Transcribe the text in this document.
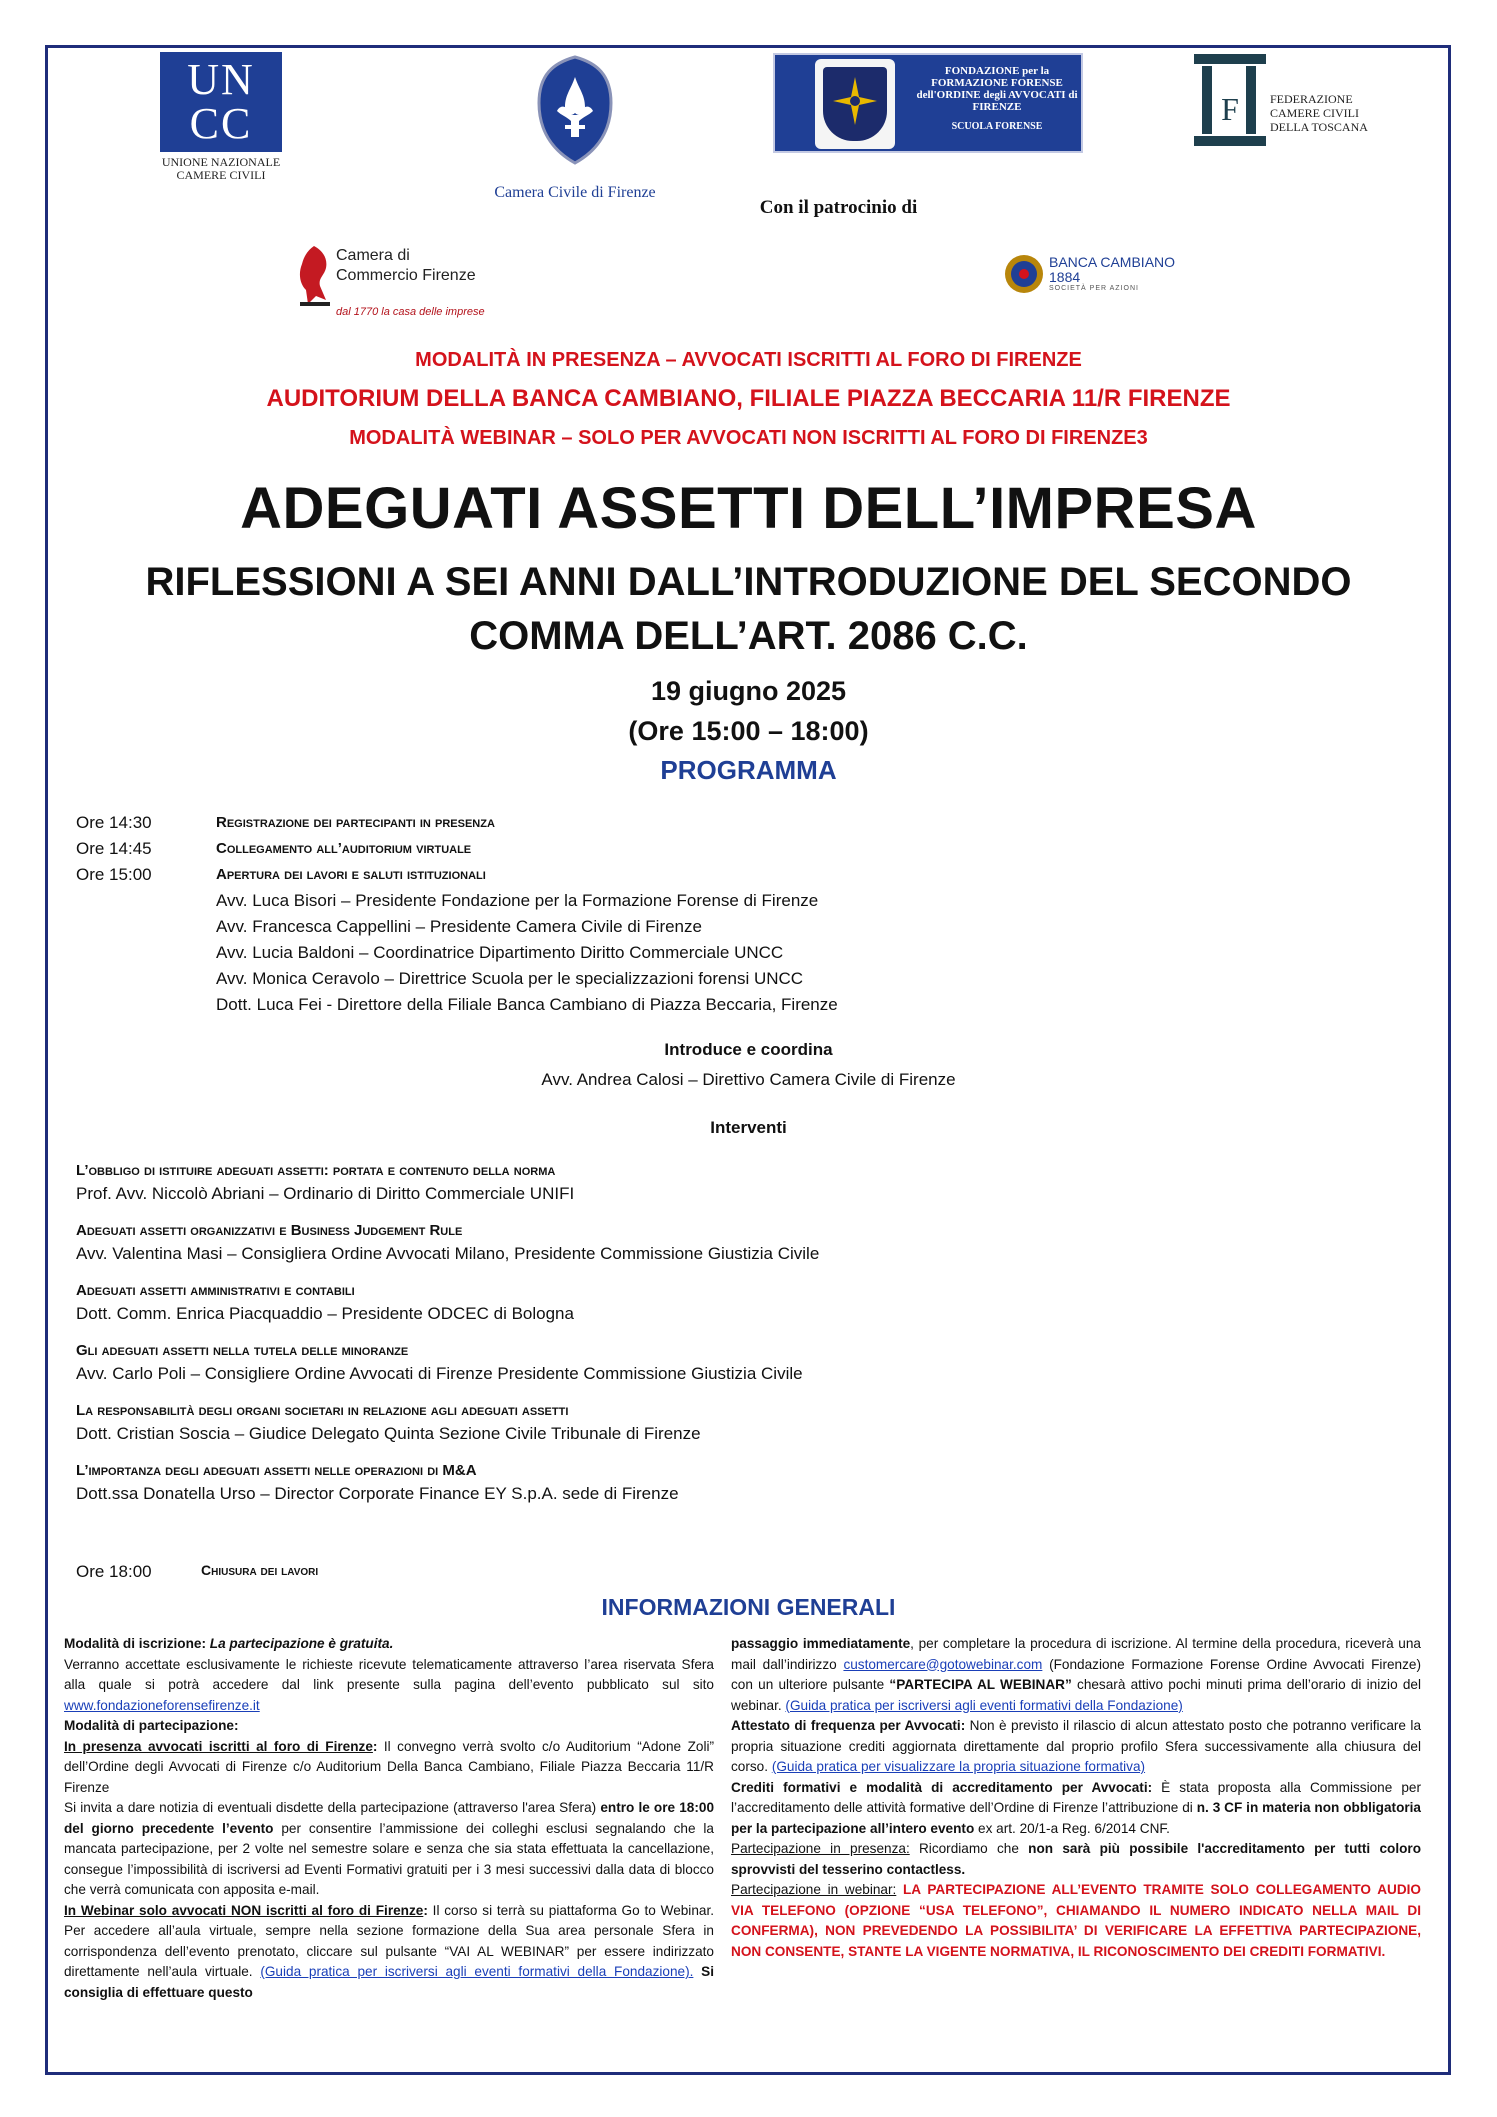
UN CC
UNIONE NAZIONALE CAMERE CIVILI
Camera Civile di Firenze
FONDAZIONE per la FORMAZIONE FORENSE dell'ORDINE degli AVVOCATI di FIRENZE
SCUOLA FORENSE	F	FEDERAZIONE CAMERE CIVILI DELLA TOSCANA
Con il patrocinio di
Camera di Commercio Firenze
dal 1770 la casa delle imprese
BANCA CAMBIANO 1884
SOCIETÀ PER AZIONI
MODALITÀ IN PRESENZA – AVVOCATI ISCRITTI AL FORO DI FIRENZE
AUDITORIUM DELLA BANCA CAMBIANO, FILIALE PIAZZA BECCARIA 11/R FIRENZE
MODALITÀ WEBINAR – SOLO PER AVVOCATI NON ISCRITTI AL FORO DI FIRENZE3
ADEGUATI ASSETTI DELL’IMPRESA
RIFLESSIONI A SEI ANNI DALL’INTRODUZIONE DEL SECONDO
COMMA DELL’ART. 2086 C.C.
19 giugno 2025
(Ore 15:00 – 18:00)
PROGRAMMA
Ore 14:30	Registrazione dei partecipanti in presenza
Ore 14:45	Collegamento all’auditorium virtuale
Ore 15:00	Apertura dei lavori e saluti istituzionali
Avv. Luca Bisori – Presidente Fondazione per la Formazione Forense di Firenze
Avv. Francesca Cappellini – Presidente Camera Civile di Firenze
Avv. Lucia Baldoni – Coordinatrice Dipartimento Diritto Commerciale UNCC
Avv. Monica Ceravolo – Direttrice Scuola per le specializzazioni forensi UNCC
Dott. Luca Fei - Direttore della Filiale Banca Cambiano di Piazza Beccaria, Firenze
Introduce e coordina
Avv. Andrea Calosi – Direttivo Camera Civile di Firenze
Interventi
L’obbligo di istituire adeguati assetti: portata e contenuto della norma
Prof. Avv. Niccolò Abriani – Ordinario di Diritto Commerciale UNIFI
Adeguati assetti organizzativi e Business Judgement Rule
Avv. Valentina Masi – Consigliera Ordine Avvocati Milano, Presidente Commissione Giustizia Civile
Adeguati assetti amministrativi e contabili
Dott. Comm. Enrica Piacquaddio – Presidente ODCEC di Bologna
Gli adeguati assetti nella tutela delle minoranze
Avv. Carlo Poli – Consigliere Ordine Avvocati di Firenze Presidente Commissione Giustizia Civile
La responsabilità degli organi societari in relazione agli adeguati assetti
Dott. Cristian Soscia – Giudice Delegato Quinta Sezione Civile Tribunale di Firenze
L’importanza degli adeguati assetti nelle operazioni di M&A
Dott.ssa Donatella Urso – Director Corporate Finance EY S.p.A. sede di Firenze
Ore 18:00	Chiusura dei lavori
INFORMAZIONI GENERALI
Modalità di iscrizione: La partecipazione è gratuita.
Verranno accettate esclusivamente le richieste ricevute telematicamente attraverso l’area riservata Sfera alla quale si potrà accedere dal link presente sulla pagina dell’evento pubblicato sul sito www.fondazioneforensefirenze.it
Modalità di partecipazione:
In presenza avvocati iscritti al foro di Firenze: Il convegno verrà svolto c/o Auditorium “Adone Zoli” dell’Ordine degli Avvocati di Firenze c/o Auditorium Della Banca Cambiano, Filiale Piazza Beccaria 11/R Firenze
Si invita a dare notizia di eventuali disdette della partecipazione (attraverso l'area Sfera) entro le ore 18:00 del giorno precedente l’evento per consentire l’ammissione dei colleghi esclusi segnalando che la mancata partecipazione, per 2 volte nel semestre solare e senza che sia stata effettuata la cancellazione, consegue l’impossibilità di iscriversi ad Eventi Formativi gratuiti per i 3 mesi successivi dalla data di blocco che verrà comunicata con apposita e-mail.
In Webinar solo avvocati NON iscritti al foro di Firenze: Il corso si terrà su piattaforma Go to Webinar. Per accedere all’aula virtuale, sempre nella sezione formazione della Sua area personale Sfera in corrispondenza dell’evento prenotato, cliccare sul pulsante “VAI AL WEBINAR” per essere indirizzato direttamente nell’aula virtuale. (Guida pratica per iscriversi agli eventi formativi della Fondazione). Si consiglia di effettuare questo
passaggio immediatamente, per completare la procedura di iscrizione. Al termine della procedura, riceverà una mail dall’indirizzo customercare@gotowebinar.com (Fondazione Formazione Forense Ordine Avvocati Firenze) con un ulteriore pulsante “PARTECIPA AL WEBINAR” chesarà attivo pochi minuti prima dell’orario di inizio del webinar. (Guida pratica per iscriversi agli eventi formativi della Fondazione)
Attestato di frequenza per Avvocati: Non è previsto il rilascio di alcun attestato posto che potranno verificare la propria situazione crediti aggiornata direttamente dal proprio profilo Sfera successivamente alla chiusura del corso. (Guida pratica per visualizzare la propria situazione formativa)
Crediti formativi e modalità di accreditamento per Avvocati: È stata proposta alla Commissione per l’accreditamento delle attività formative dell’Ordine di Firenze l’attribuzione di n. 3 CF in materia non obbligatoria per la partecipazione all’intero evento ex art. 20/1-a Reg. 6/2014 CNF.
Partecipazione in presenza: Ricordiamo che non sarà più possibile l'accreditamento per tutti coloro sprovvisti del tesserino contactless.
Partecipazione in webinar: LA PARTECIPAZIONE ALL’EVENTO TRAMITE SOLO COLLEGAMENTO AUDIO VIA TELEFONO (OPZIONE “USA TELEFONO”, CHIAMANDO IL NUMERO INDICATO NELLA MAIL DI CONFERMA), NON PREVEDENDO LA POSSIBILITA’ DI VERIFICARE LA EFFETTIVA PARTECIPAZIONE, NON CONSENTE, STANTE LA VIGENTE NORMATIVA, IL RICONOSCIMENTO DEI CREDITI FORMATIVI.
